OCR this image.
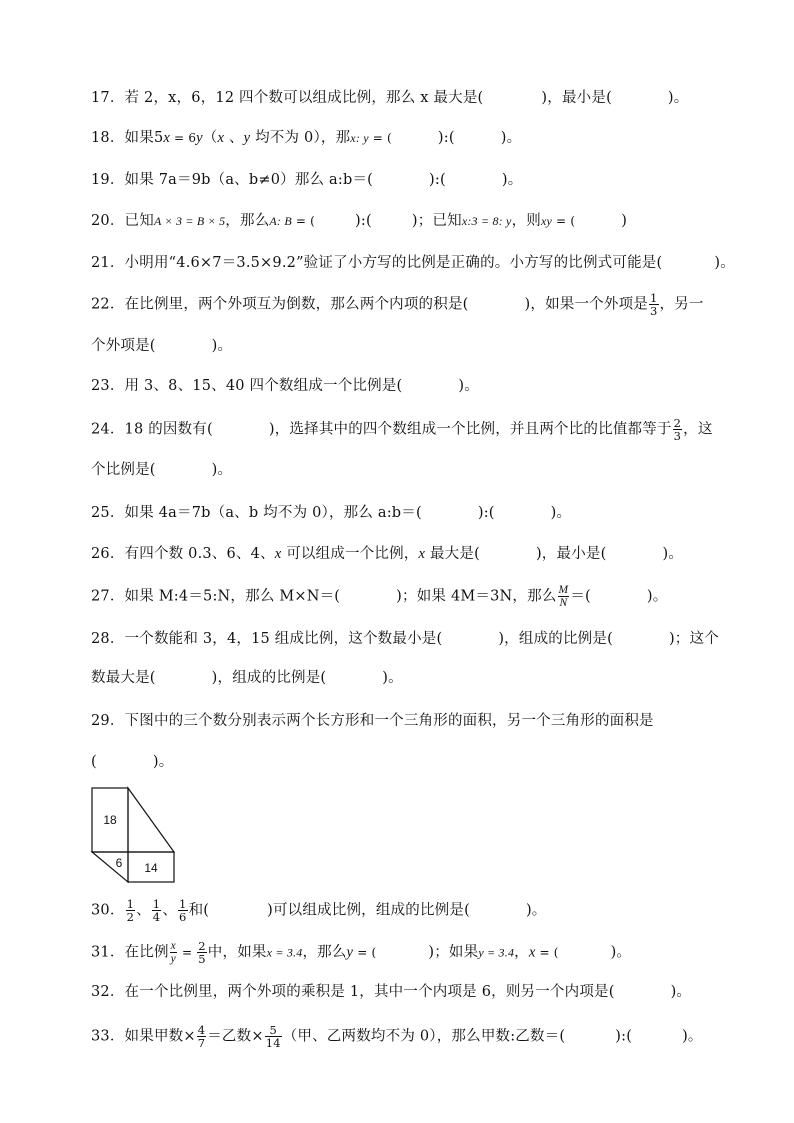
17．若 2，x，6，12 四个数可以组成比例，那么 x 最大是(	)，最小是(	)。
18．如果5x = 6y（x 、y 均不为 0），那x: y = (	):(	)。
19．如果 7a＝9b（a、b≠0）那么 a:b＝(	):(	)。
20．已知A × 3 = B × 5，那么A: B = (	):(	)；已知x:3 = 8: y，则xy = (	)
21．小明用“4.6×7＝3.5×9.2”验证了小方写的比例是正确的。小方写的比例式可能是(	)。
22．在比例里，两个外项互为倒数，那么两个内项的积是(	)，如果一个外项是 $\frac{1}{3}$ ，另一
个外项是(	)。
23．用 3、8、15、40 四个数组成一个比例是(	)。
24．18 的因数有(	)，选择其中的四个数组成一个比例，并且两个比的比值都等于 $\frac{2}{3}$ ，这
个比例是(	)。
25．如果 4a＝7b（a、b 均不为 0），那么 a:b＝(	):(	)。
26．有四个数 0.3、6、4、x 可以组成一个比例，x 最大是(	)，最小是(	)。
27．如果 M:4＝5:N，那么 M×N＝(	)；如果 4M＝3N，那么 $\frac{M}{N}$ ＝(	)。
28．一个数能和 3，4，15 组成比例，这个数最小是(	)，组成的比例是(	)；这个
数最大是(	)，组成的比例是(	)。
29．下图中的三个数分别表示两个长方形和一个三角形的面积，另一个三角形的面积是
(	)。
18
6 14
30． $\frac{1}{2}$ 、 $\frac{1}{4}$ 、 $\frac{1}{6}$ 和(	)可以组成比例，组成的比例是(	)。
31．在比例 $\frac{x}{y} = \frac{2}{5}$ 中，如果x = 3.4，那么y = (	)；如果y = 3.4，x = (	)。
32．在一个比例里，两个外项的乘积是 1，其中一个内项是 6，则另一个内项是(	)。
33．如果甲数× $\frac{4}{7}$ ＝乙数× $\frac{5}{14}$ （甲、乙两数均不为 0），那么甲数:乙数＝(	):(	)。
